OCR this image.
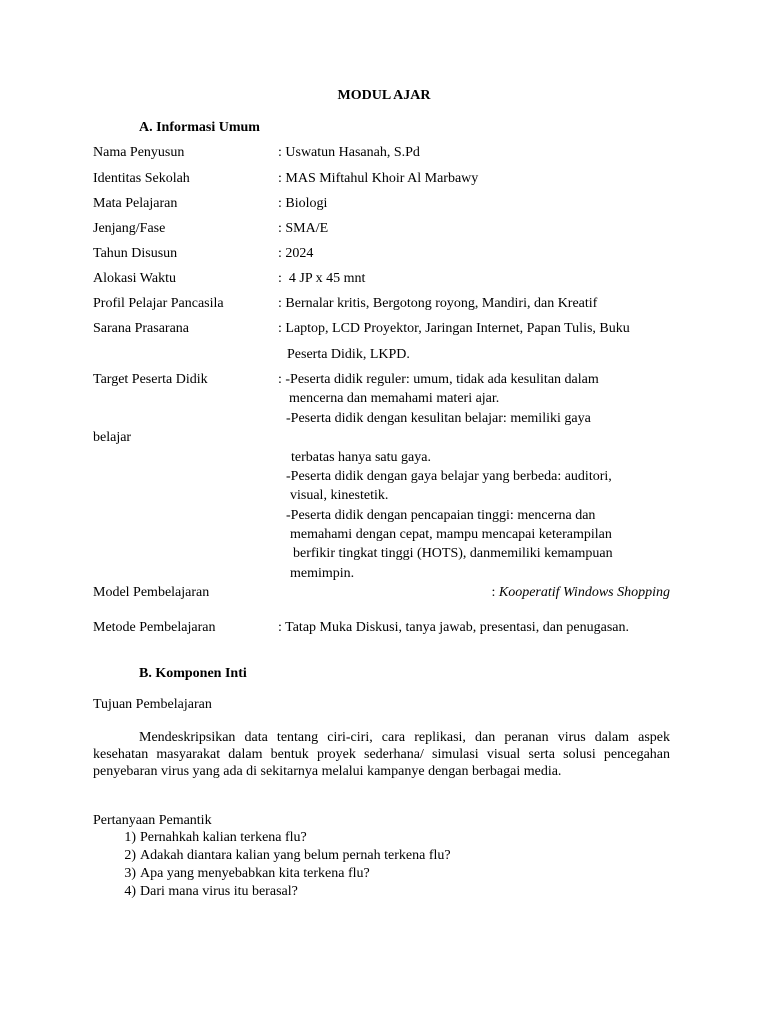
MODUL AJAR

A. Informasi Umum

Nama Penyusun	: Uswatun Hasanah, S.Pd

Identitas Sekolah	: MAS Miftahul Khoir Al Marbawy

Mata Pelajaran	: Biologi

Jenjang/Fase	: SMA/E

Tahun Disusun	: 2024

Alokasi Waktu	:  4 JP x 45 mnt

Profil Pelajar Pancasila	: Bernalar kritis, Bergotong royong, Mandiri, dan Kreatif

Sarana Prasarana	: Laptop, LCD Proyektor, Jaringan Internet, Papan Tulis, Buku

Peserta Didik, LKPD.

Target Peserta Didik	: -Peserta didik reguler: umum, tidak ada kesulitan dalam

mencerna dan memahami materi ajar.

-Peserta didik dengan kesulitan belajar: memiliki gaya

belajar

terbatas hanya satu gaya.

-Peserta didik dengan gaya belajar yang berbeda: auditori,

visual, kinestetik.

-Peserta didik dengan pencapaian tinggi: mencerna dan

memahami dengan cepat, mampu mencapai keterampilan

berfikir tingkat tinggi (HOTS), danmemiliki kemampuan

memimpin.

Model Pembelajaran	: Kooperatif Windows Shopping

Metode Pembelajaran	: Tatap Muka Diskusi, tanya jawab, presentasi, dan penugasan.

B. Komponen Inti

Tujuan Pembelajaran

Mendeskripsikan data tentang ciri-ciri, cara replikasi, dan peranan virus dalam aspek kesehatan masyarakat dalam bentuk proyek sederhana/ simulasi visual serta solusi pencegahan penyebaran virus yang ada di sekitarnya melalui kampanye dengan berbagai media.

Pertanyaan Pemantik

1) Pernahkah kalian terkena flu?

2) Adakah diantara kalian yang belum pernah terkena flu?

3) Apa yang menyebabkan kita terkena flu?

4) Dari mana virus itu berasal?
